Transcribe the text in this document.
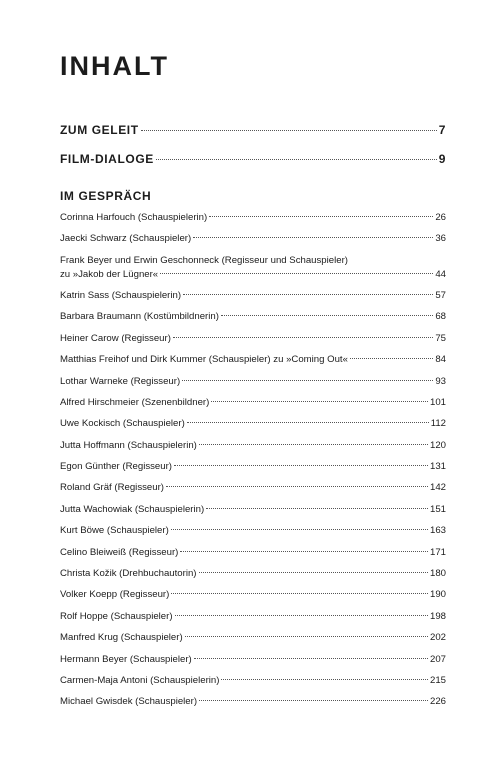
INHALT
ZUM GELEIT	7
FILM-DIALOGE	9
IM GESPRÄCH
Corinna Harfouch (Schauspielerin)	26
Jaecki Schwarz (Schauspieler)	36
Frank Beyer und Erwin Geschonneck (Regisseur und Schauspieler)
zu »Jakob der Lügner«	44
Katrin Sass (Schauspielerin)	57
Barbara Braumann (Kostümbildnerin)	68
Heiner Carow (Regisseur)	75
Matthias Freihof und Dirk Kummer (Schauspieler) zu »Coming Out«	84
Lothar Warneke (Regisseur)	93
Alfred Hirschmeier (Szenenbildner)	101
Uwe Kockisch (Schauspieler)	112
Jutta Hoffmann (Schauspielerin)	120
Egon Günther (Regisseur)	131
Roland Gräf (Regisseur)	142
Jutta Wachowiak (Schauspielerin)	151
Kurt Böwe (Schauspieler)	163
Celino Bleiweiß (Regisseur)	171
Christa Kožik (Drehbuchautorin)	180
Volker Koepp (Regisseur)	190
Rolf Hoppe (Schauspieler)	198
Manfred Krug (Schauspieler)	202
Hermann Beyer (Schauspieler)	207
Carmen-Maja Antoni (Schauspielerin)	215
Michael Gwisdek (Schauspieler)	226
